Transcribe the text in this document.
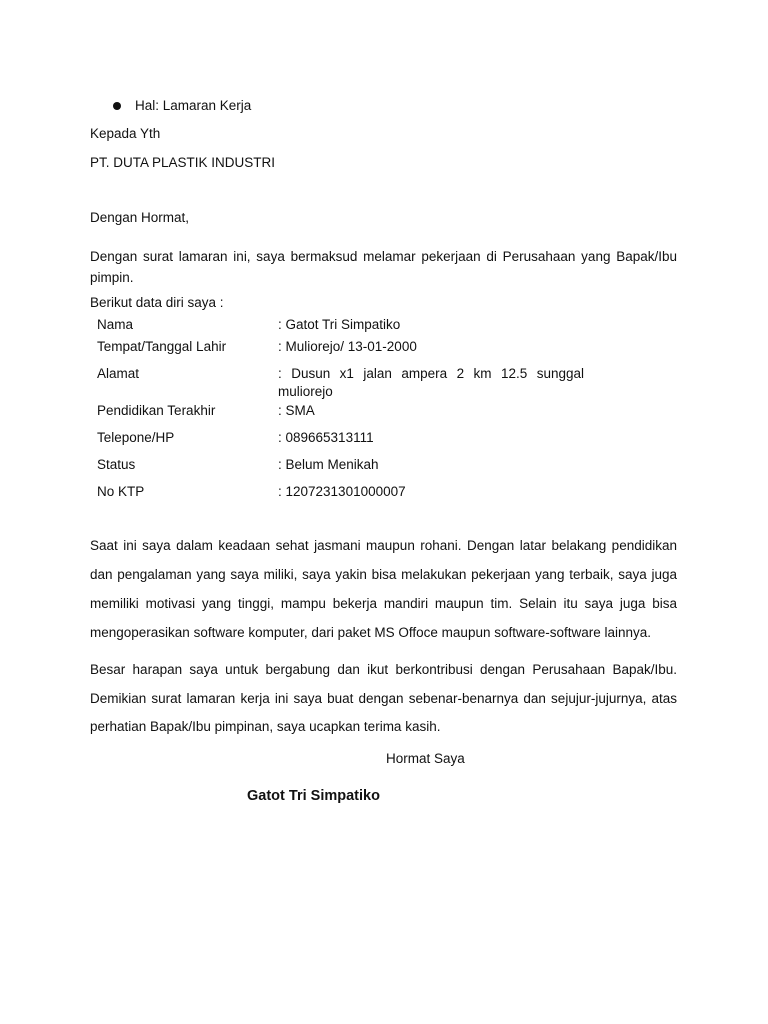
Hal: Lamaran Kerja
Kepada Yth
PT. DUTA PLASTIK INDUSTRI
Dengan Hormat,
Dengan surat lamaran ini, saya bermaksud melamar pekerjaan di Perusahaan yang Bapak/Ibu
pimpin.
Berikut data diri saya :
Nama	: Gatot Tri Simpatiko
Tempat/Tanggal Lahir	: Muliorejo/ 13-01-2000
Alamat	: Dusun x1 jalan ampera 2 km 12.5 sunggal
muliorejo
Pendidikan Terakhir	: SMA
Telepone/HP	: 089665313111
Status	: Belum Menikah
No KTP	: 1207231301000007
Saat ini saya dalam keadaan sehat jasmani maupun rohani. Dengan latar belakang pendidikan
dan pengalaman yang saya miliki, saya yakin bisa melakukan pekerjaan yang terbaik, saya juga
memiliki motivasi yang tinggi, mampu bekerja mandiri maupun tim. Selain itu saya juga bisa
mengoperasikan software komputer, dari paket MS Offoce maupun software-software lainnya.
Besar harapan saya untuk bergabung dan ikut berkontribusi dengan Perusahaan Bapak/Ibu.
Demikian surat lamaran kerja ini saya buat dengan sebenar-benarnya dan sejujur-jujurnya, atas
perhatian Bapak/Ibu pimpinan, saya ucapkan terima kasih.
Hormat Saya
Gatot Tri Simpatiko
